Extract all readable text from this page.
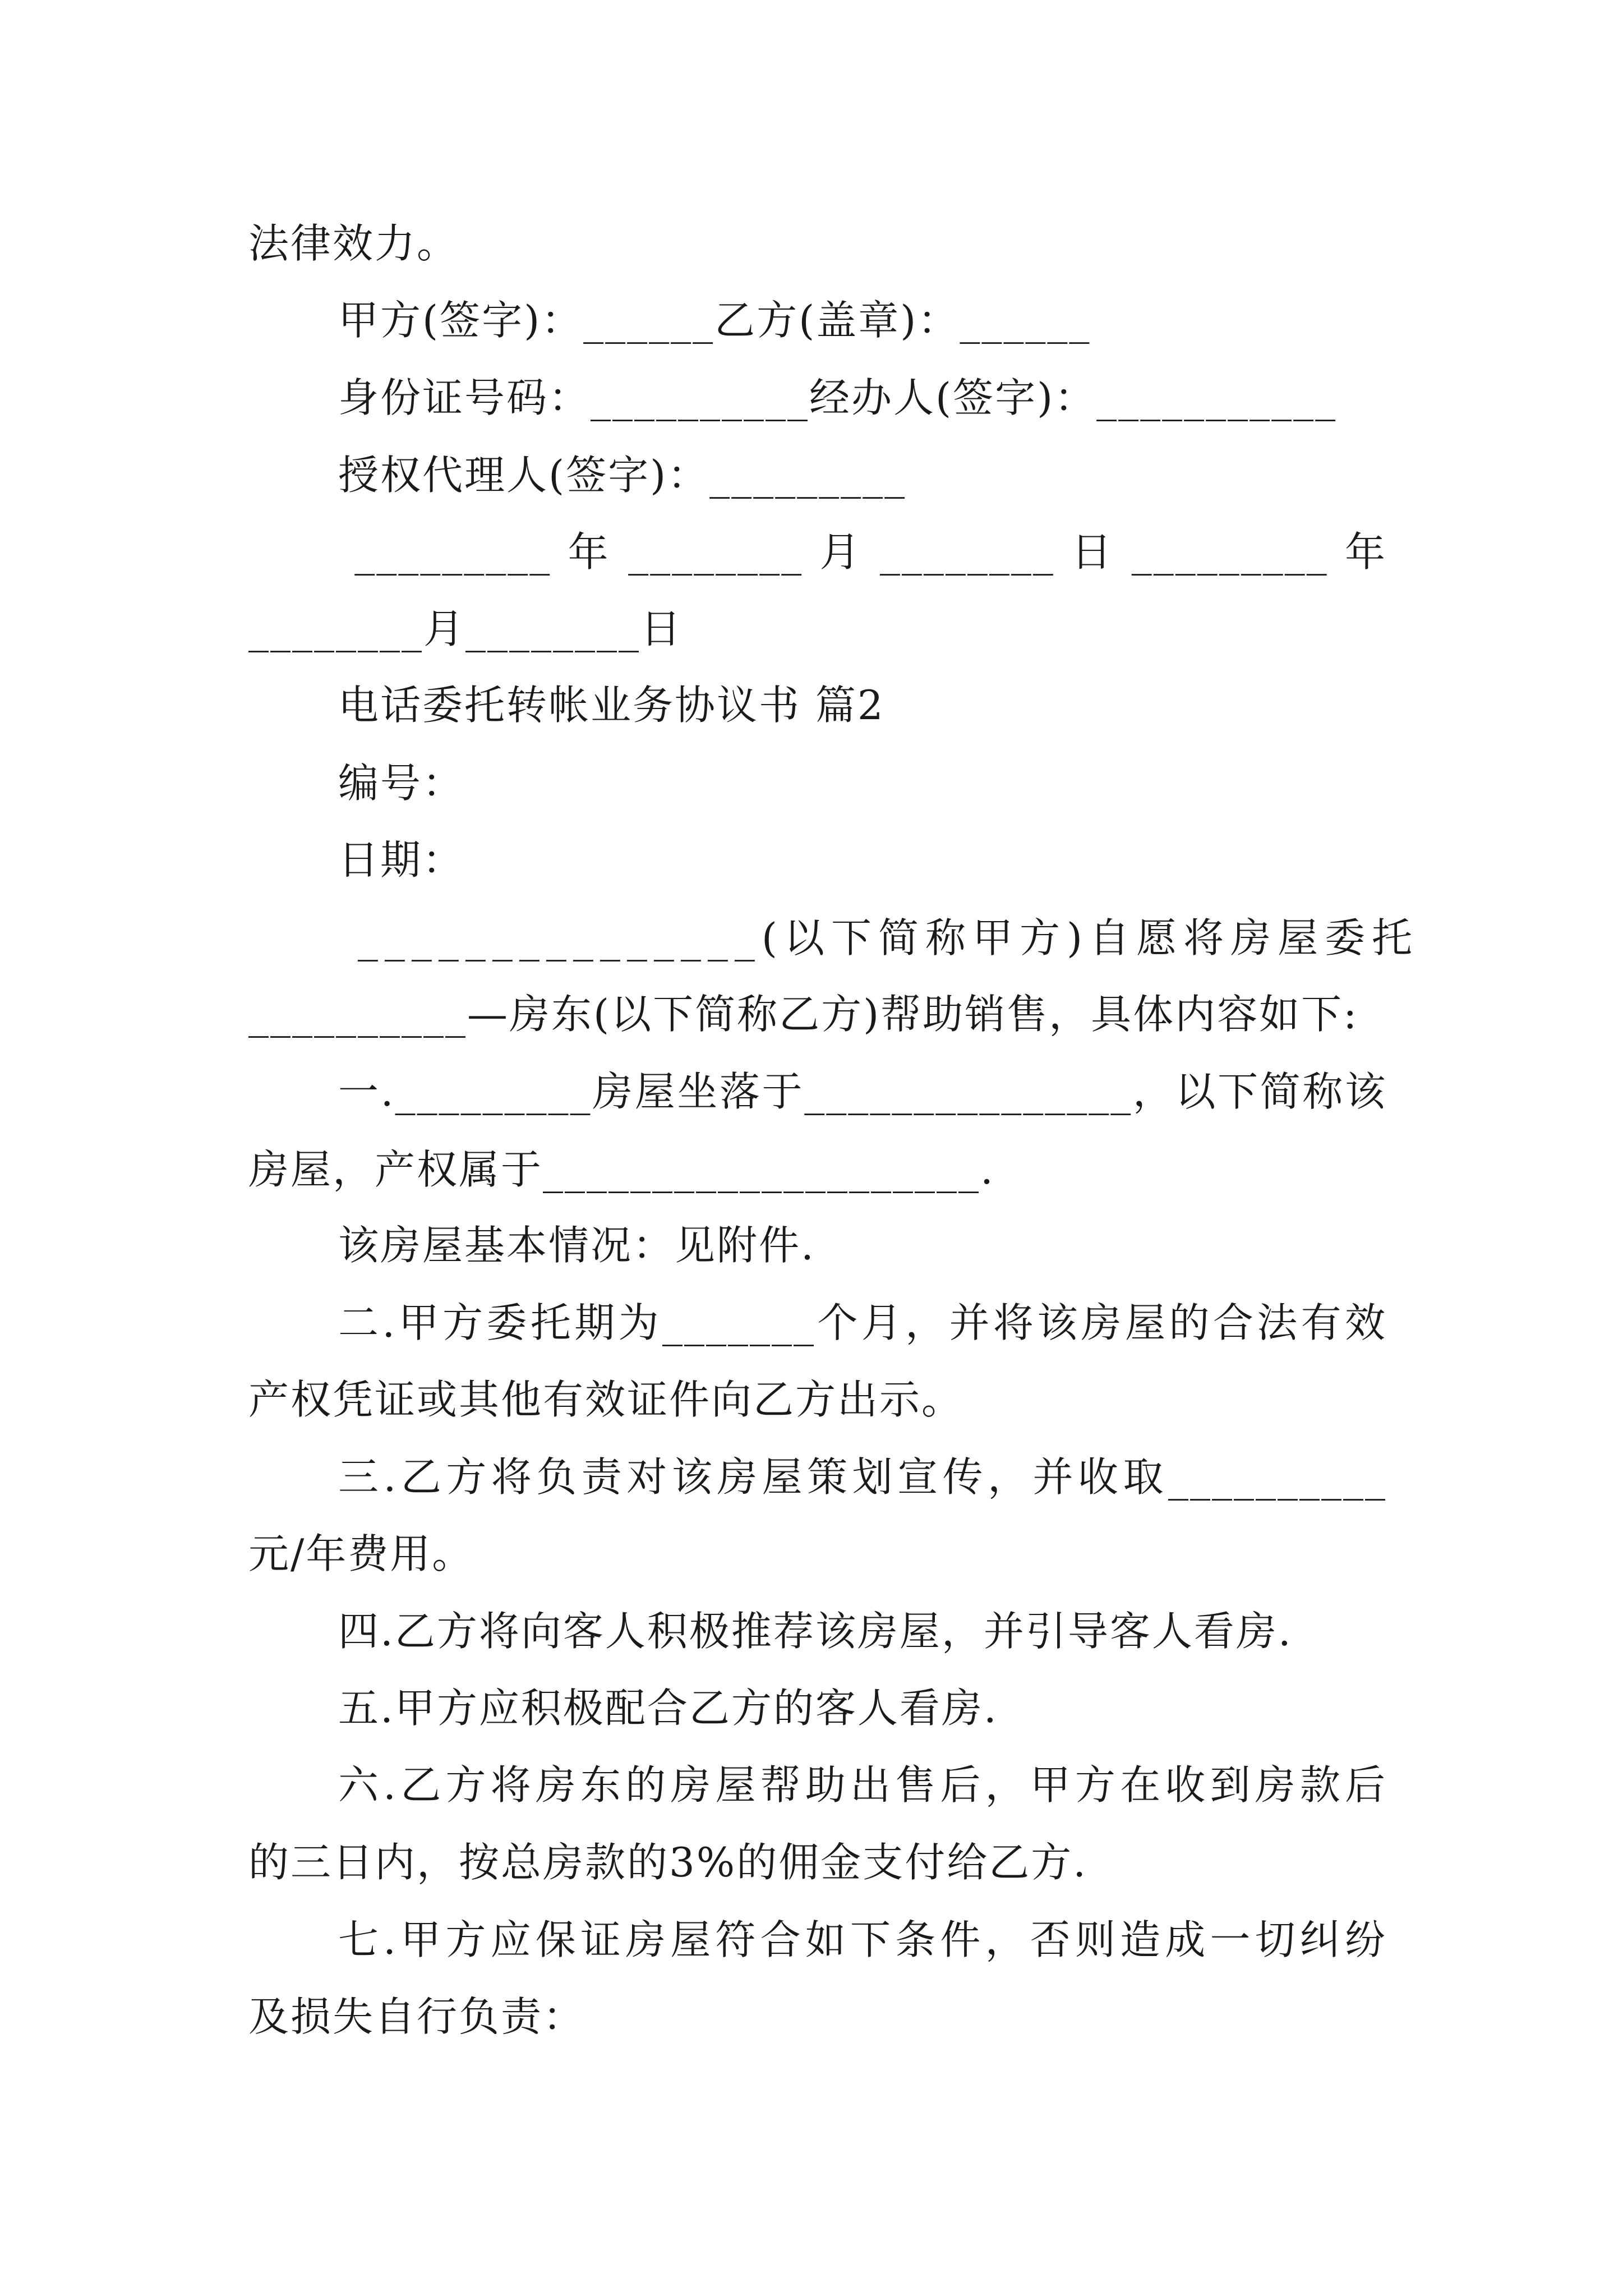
法律效力。
甲方(签字)：______乙方(盖章)：______
身份证号码：__________经办人(签字)：___________
授权代理人(签字)：_________
_________ 年 ________ 月 ________ 日 _________ 年
________月________日
电话委托转帐业务协议书 篇2
编号：
日期：
_______________(以下简称甲方)自愿将房屋委托
__________—房东(以下简称乙方)帮助销售，具体内容如下:
一._________房屋坐落于_______________，以下简称该
房屋，产权属于____________________.
该房屋基本情况：见附件.
二.甲方委托期为_______个月，并将该房屋的合法有效
产权凭证或其他有效证件向乙方出示。
三.乙方将负责对该房屋策划宣传，并收取__________
元/年费用。
四.乙方将向客人积极推荐该房屋，并引导客人看房.
五.甲方应积极配合乙方的客人看房.
六.乙方将房东的房屋帮助出售后，甲方在收到房款后
的三日内，按总房款的3%的佣金支付给乙方.
七.甲方应保证房屋符合如下条件，否则造成一切纠纷
及损失自行负责：
